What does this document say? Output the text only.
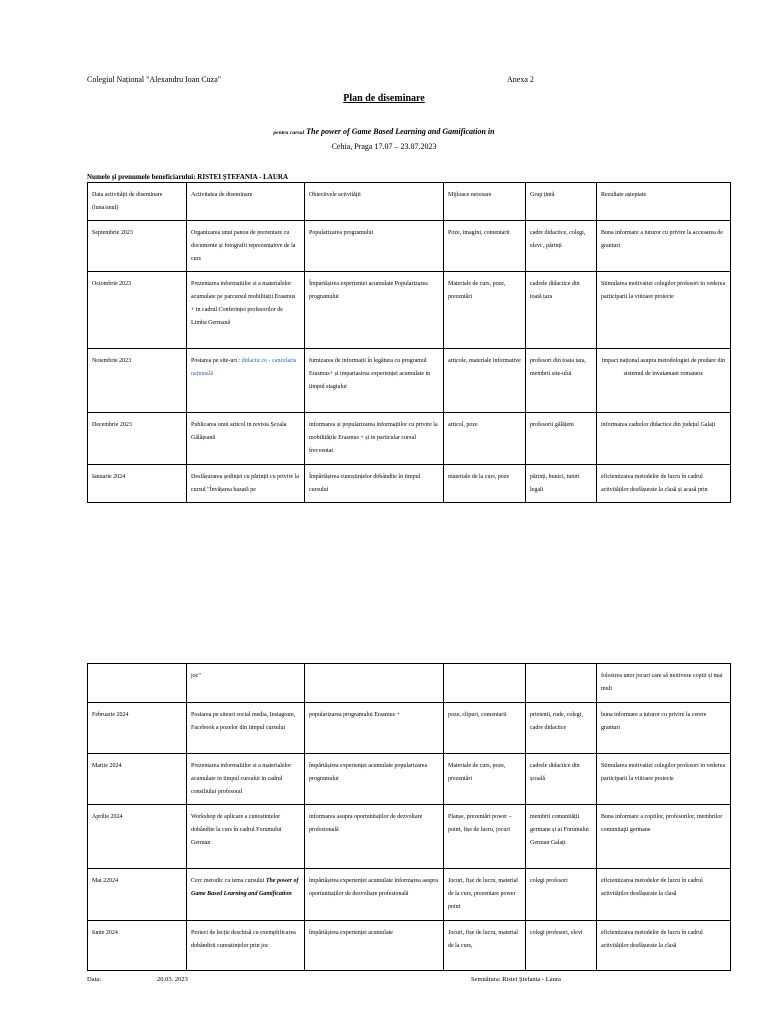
Colegiul Național "Alexandru Ioan Cuza"	Anexa 2
Plan de diseminare
pentru cursul The power of Game Based Learning and Gamification in
Cehia, Praga 17.07 – 23.07.2023
Numele și prenumele beneficiarului: RISTEI ȘTEFANIA - LAURA
Data activității de diseminare (luna/anul)	Activitatea de diseminare	Obiectivele activității	Mijloace necesare	Grup țintă	Rezultate așteptate
Septembrie 2023	Organizarea unui panou de prezentare cu documente și fotografii reprezentative de la curs	Popularizarea programului	Poze, imagini, comentarii	cadre didactice, colegi, elevi , părinți	Buna informare a tuturor cu privire la accesarea de granturi
Octombrie 2023	Prezentarea informatiilor si a materialelor acumulate pe parcursul mobilitații Erasmus + in cadrul Conferinței profesorilor de Limba Germană	Împartășirea experientei acumulate Popularizarea programului	Materiale de curs, poze, prezentări	cadrele didactice din toată țara	Stimularea motivatiei colegilor profesori in vederea participarii la viitoare proiecte
Noiembrie 2023	Postarea pe site-uri : didactic.ro - cancelaria națională	furnizarea de informații în legătura cu programul Erasmus+ și impartasirea experienței acumulate in timpul stagiului	articole, materiale informative	profesori din toata tara, membrii site-ului	impact național asupra metodologiei de predare din sistemul de invatamant romanesc
Decembrie 2023	Publicarea unui articol in revista Școala Gălățeană	informarea și popularizarea informațiilor cu privire la mobilitățile Erasmus + și in particular cursul frecventat	articol, poze	profesorii gălățeni	informarea cadrelor didactice din județul Galați
Ianuarie 2024	Desfășurarea ședinței cu părinții cu privire la cursul "Învățarea bazată pe	Împărtășirea cunoștințelor dobândite în timpul cursului	materiale de la curs, poze	părinți, bunici, tutori legali	eficientizarea metodelor de lucru în cadrul activităților desfășurate la clasă și acasă prin
	joc"				folosirea unor jocuri care să motiveze copiii și mai mult
Februarie 2024	Postarea pe siteuri social media, Instagram, Facebook a pozelor din timpul cursului	popularizarea programului Erasmus +	poze, clipuri, comentarii	prietenii, rude, colegi, cadre didactice	buna informare a tuturor cu privire la cerere granturi
Martie 2024	Prezentarea informatiilor si a materialelor acumulate in timpul cursului in cadrul consiliului profesoral	împărtășirea experienței acumulate popularizarea programului	Materiale de curs, poze, prezentări	cadrele didactice din școală	Stimularea motivatiei colegilor profesori in vederea participarii la viitoare proiecte
Aprilie 2024	Workshop de aplicare a cunoștințelor dobândite la curs în cadrul Forumului German	informarea asupra oportunitaților de dezvoltare profesională	Planșe, prezentări power – point, fișe de lucru, jocuri	membrii comunității germane și ai Forumului German Galați	Buna informare a copiilor, profesorilor, membrilor comunitaţii germane
Mai 22024	Cerc metodic cu tema cursului The power of Game Based Learning and Gamification	împărtășirea experienței acumulate informarea asupra oportunitaților de dezvoltare profesională	Jocuri, fișe de lucru, material de la curs, prezentare power point	colegi profesori	eficientizarea metodelor de lucru în cadrul activităților desfășurate la clasă
Iunie 2024	Proiect de lecție deschisă cu exemplificarea dobândirii cunoștințelor prin joc	împărtășirea experienței acumulate	Jocuri, fișe de lucru, material de la curs,	colegi profesori, elevi	eficientizarea metodelor de lucru în cadrul activităților desfășurate la clasă
Data:	20.03. 2023	Semnătura: Ristei Ștefania - Laura
